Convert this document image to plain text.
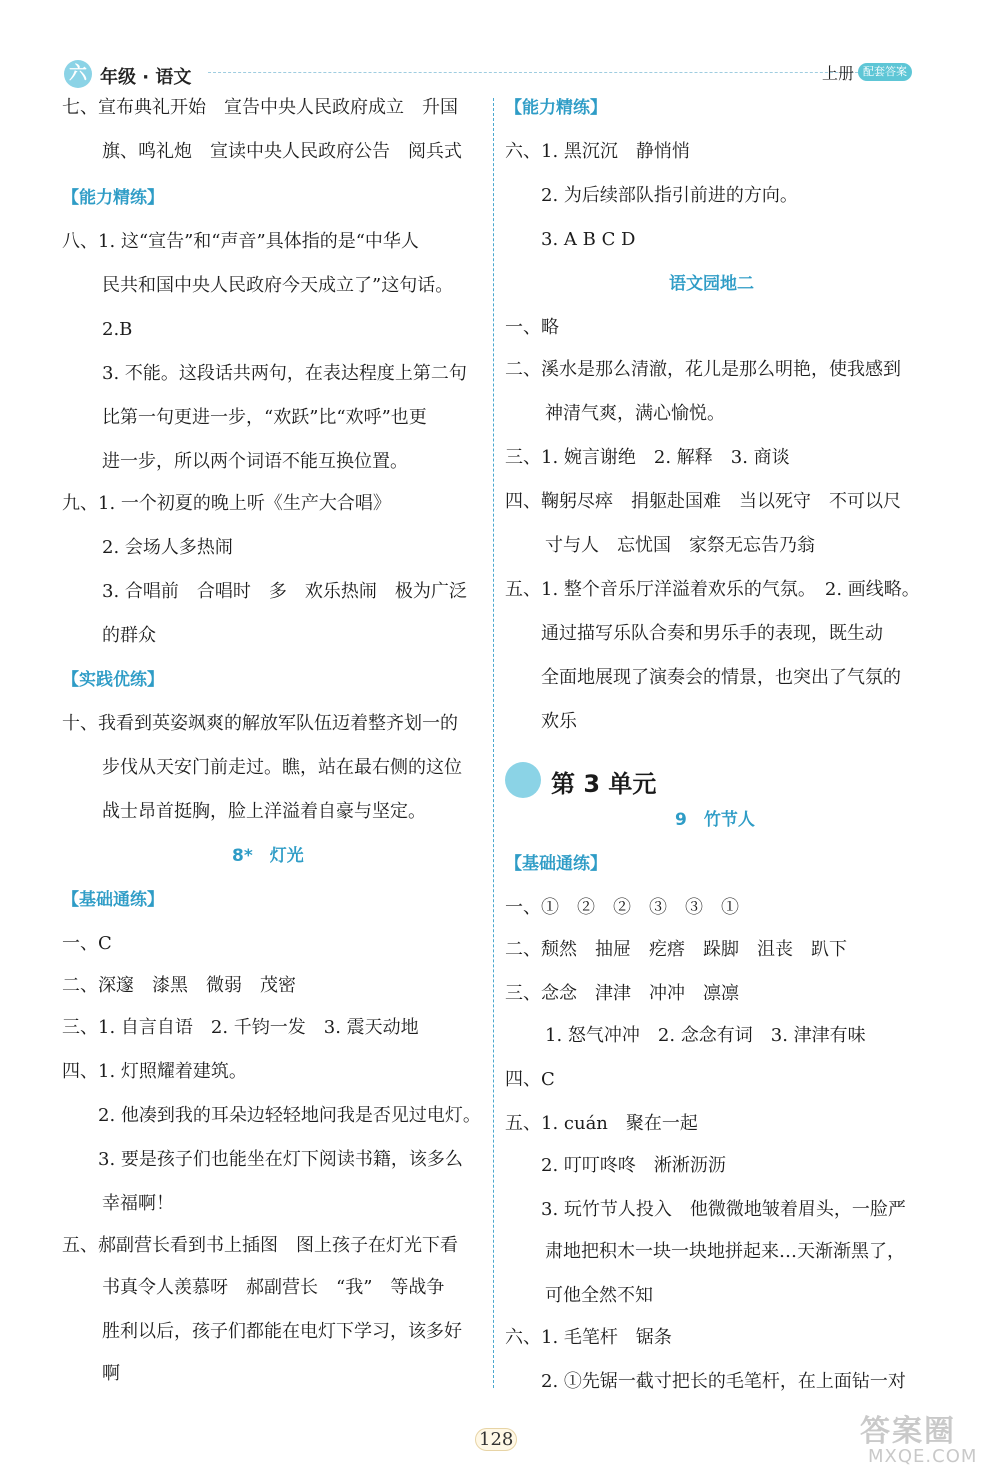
六 年级 · 语文	上册 配套答案
七、宣布典礼开始　宣告中央人民政府成立　升国
旗、鸣礼炮　宣读中央人民政府公告　阅兵式
【能力精练】
八、1. 这“宣告”和“声音”具体指的是“中华人
民共和国中央人民政府今天成立了”这句话。
2.B
3. 不能。这段话共两句，在表达程度上第二句
比第一句更进一步，“欢跃”比“欢呼”也更
进一步，所以两个词语不能互换位置。
九、1. 一个初夏的晚上听《生产大合唱》
2. 会场人多热闹
3. 合唱前　合唱时　多　欢乐热闹　极为广泛
的群众
【实践优练】
十、我看到英姿飒爽的解放军队伍迈着整齐划一的
步伐从天安门前走过。瞧，站在最右侧的这位
战士昂首挺胸，脸上洋溢着自豪与坚定。
8*　灯光
【基础通练】
一、C
二、深邃　漆黑　微弱　茂密
三、1. 自言自语　2. 千钧一发　3. 震天动地
四、1. 灯照耀着建筑。
2. 他凑到我的耳朵边轻轻地问我是否见过电灯。
3. 要是孩子们也能坐在灯下阅读书籍，该多么
幸福啊！
五、郝副营长看到书上插图　图上孩子在灯光下看
书真令人羡慕呀　郝副营长　“我”　等战争
胜利以后，孩子们都能在电灯下学习，该多好
啊
【能力精练】
六、1. 黑沉沉　静悄悄
2. 为后续部队指引前进的方向。
3. A B C D
语文园地二
一、略
二、溪水是那么清澈，花儿是那么明艳，使我感到
神清气爽，满心愉悦。
三、1. 婉言谢绝　2. 解释　3. 商谈
四、鞠躬尽瘁　捐躯赴国难　当以死守　不可以尺
寸与人　忘忧国　家祭无忘告乃翁
五、1. 整个音乐厅洋溢着欢乐的气氛。　2. 画线略。
通过描写乐队合奏和男乐手的表现，既生动
全面地展现了演奏会的情景，也突出了气氛的
欢乐
第 3 单元
9　竹节人
【基础通练】
一、①　②　②　③　③　①
二、颓然　抽屉　疙瘩　跺脚　沮丧　趴下
三、念念　津津　冲冲　凛凛
1. 怒气冲冲　2. 念念有词　3. 津津有味
四、C
五、1. cuán　聚在一起
2. 叮叮咚咚　淅淅沥沥
3. 玩竹节人投入　他微微地皱着眉头，一脸严
肃地把积木一块一块地拼起来…天渐渐黑了，
可他全然不知
六、1. 毛笔杆　锯条
2. ①先锯一截寸把长的毛笔杆，在上面钻一对
128	答案圈
MXQE.COM
